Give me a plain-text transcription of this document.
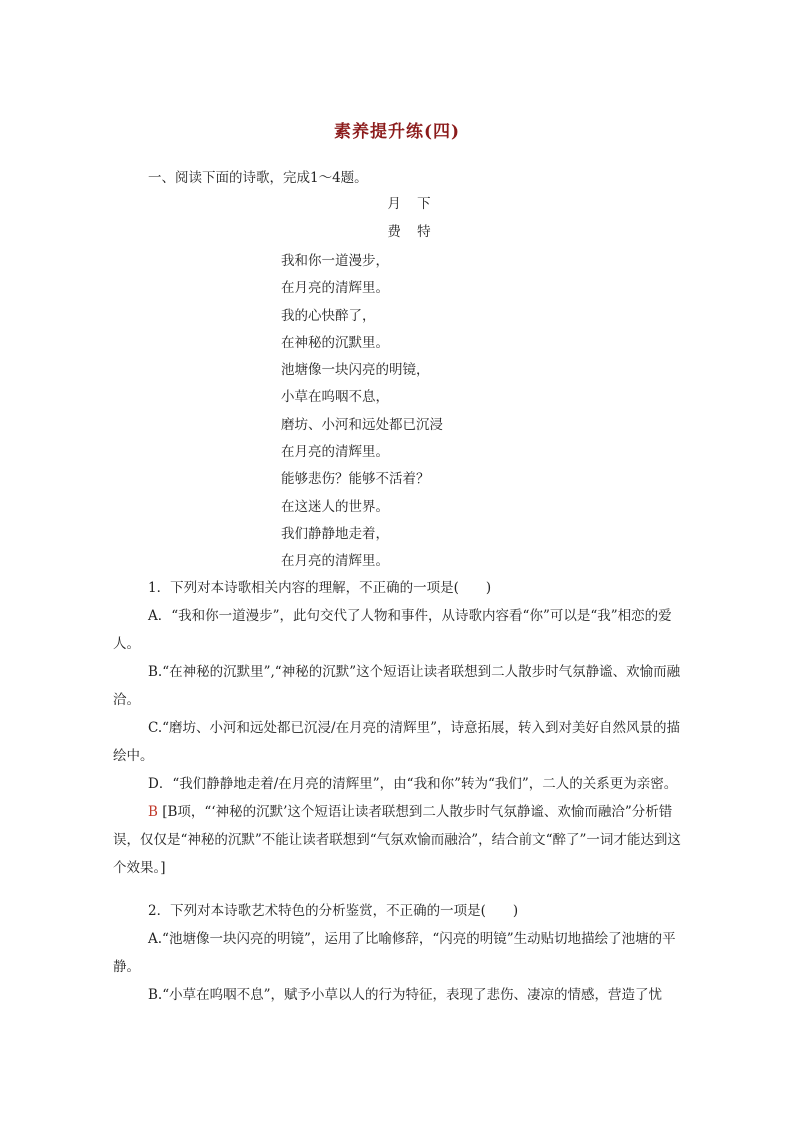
素养提升练(四)
一、阅读下面的诗歌，完成1～4题。
月 下
费 特
我和你一道漫步，
在月亮的清辉里。
我的心快醉了，
在神秘的沉默里。
池塘像一块闪亮的明镜，
小草在呜咽不息，
磨坊、小河和远处都已沉浸
在月亮的清辉里。
能够悲伤？能够不活着？
在这迷人的世界。
我们静静地走着，
在月亮的清辉里。
1．下列对本诗歌相关内容的理解，不正确的一项是(　　)
A．“我和你一道漫步”，此句交代了人物和事件，从诗歌内容看“你”可以是“我”相恋的爱人。
B.“在神秘的沉默里”,“神秘的沉默”这个短语让读者联想到二人散步时气氛静谧、欢愉而融洽。
C.“磨坊、小河和远处都已沉浸/在月亮的清辉里”，诗意拓展，转入到对美好自然风景的描绘中。
D．“我们静静地走着/在月亮的清辉里”，由“我和你”转为“我们”，二人的关系更为亲密。
B [B项，“‘神秘的沉默’这个短语让读者联想到二人散步时气氛静谧、欢愉而融洽”分析错误，仅仅是“神秘的沉默”不能让读者联想到“气氛欢愉而融洽”，结合前文“醉了”一词才能达到这个效果。]
2．下列对本诗歌艺术特色的分析鉴赏，不正确的一项是(　　)
A.“池塘像一块闪亮的明镜”，运用了比喻修辞，“闪亮的明镜”生动贴切地描绘了池塘的平静。
B.“小草在呜咽不息”，赋予小草以人的行为特征，表现了悲伤、凄凉的情感，营造了忧
